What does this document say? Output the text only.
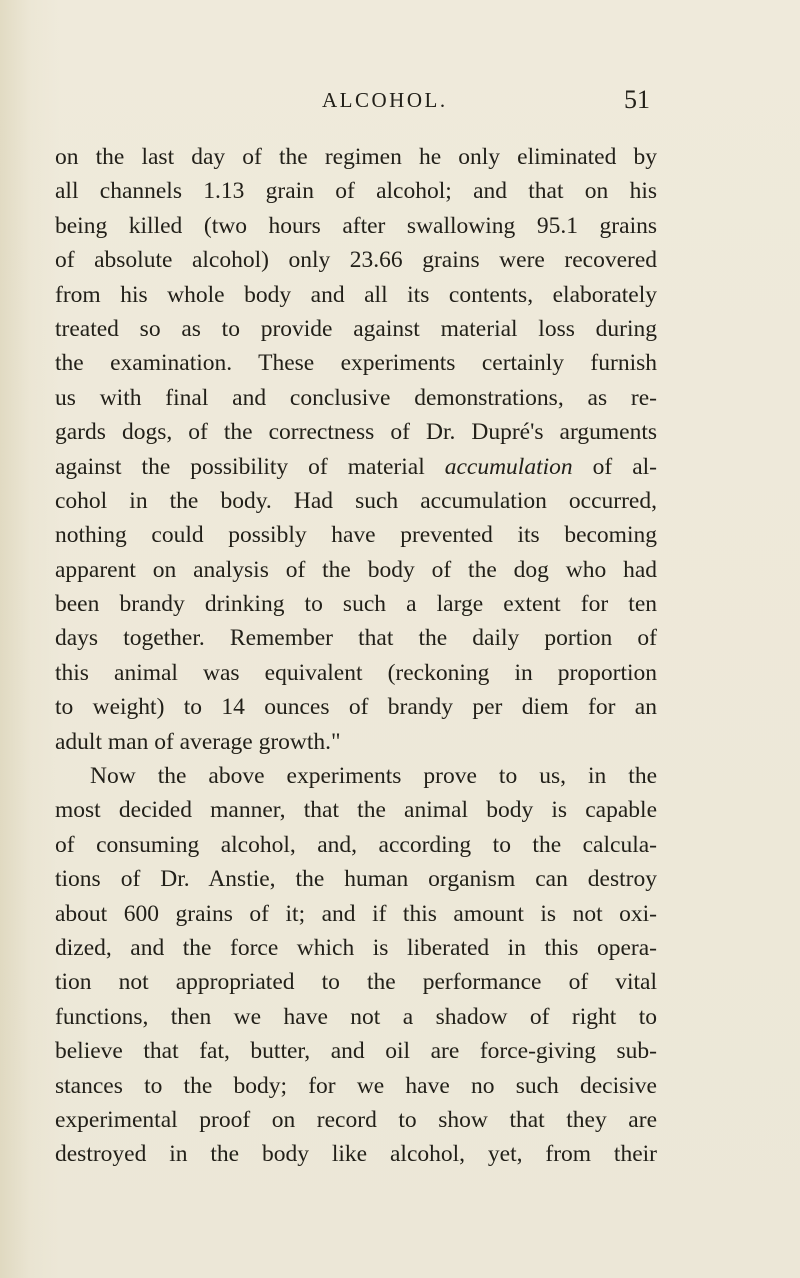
ALCOHOL.	51
on the last day of the regimen he only eliminated by
all channels 1.13 grain of alcohol; and that on his
being killed (two hours after swallowing 95.1 grains
of absolute alcohol) only 23.66 grains were recovered
from his whole body and all its contents, elaborately
treated so as to provide against material loss during
the examination. These experiments certainly furnish
us with final and conclusive demonstrations, as re-
gards dogs, of the correctness of Dr. Dupré's arguments
against the possibility of material accumulation of al-
cohol in the body. Had such accumulation occurred,
nothing could possibly have prevented its becoming
apparent on analysis of the body of the dog who had
been brandy drinking to such a large extent for ten
days together. Remember that the daily portion of
this animal was equivalent (reckoning in proportion
to weight) to 14 ounces of brandy per diem for an
adult man of average growth."
Now the above experiments prove to us, in the
most decided manner, that the animal body is capable
of consuming alcohol, and, according to the calcula-
tions of Dr. Anstie, the human organism can destroy
about 600 grains of it; and if this amount is not oxi-
dized, and the force which is liberated in this opera-
tion not appropriated to the performance of vital
functions, then we have not a shadow of right to
believe that fat, butter, and oil are force-giving sub-
stances to the body; for we have no such decisive
experimental proof on record to show that they are
destroyed in the body like alcohol, yet, from their
